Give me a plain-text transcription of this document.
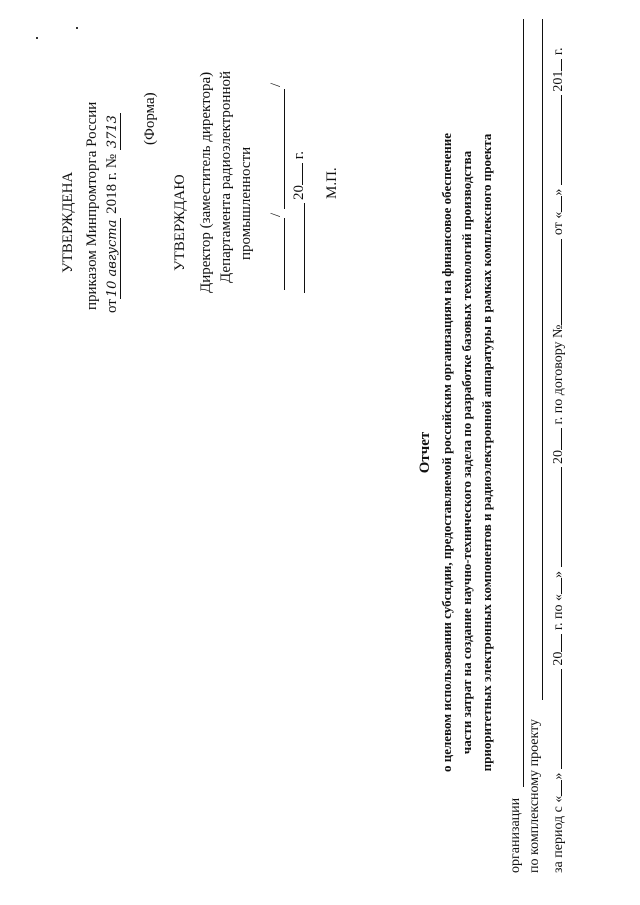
УТВЕРЖДЕНА приказом Минпромторга России от10 августа 2018 г. № 3713 (Форма)
УТВЕРЖДАЮ Директор (заместитель директора) Департамента радиоэлектронной промышленности /
/
20 г.
М.П.
Отчет о целевом использовании субсидии, предоставляемой российским организациям на финансовое обеспечение части затрат на создание научно-технического задела по разработке базовых технологий производства приоритетных электронных компонентов и радиоэлектронной аппаратуры в рамках комплексного проекта
организации по комплексному проекту за период с «»  20 г. по «»  20 г. по договору № от «»  201 г.
